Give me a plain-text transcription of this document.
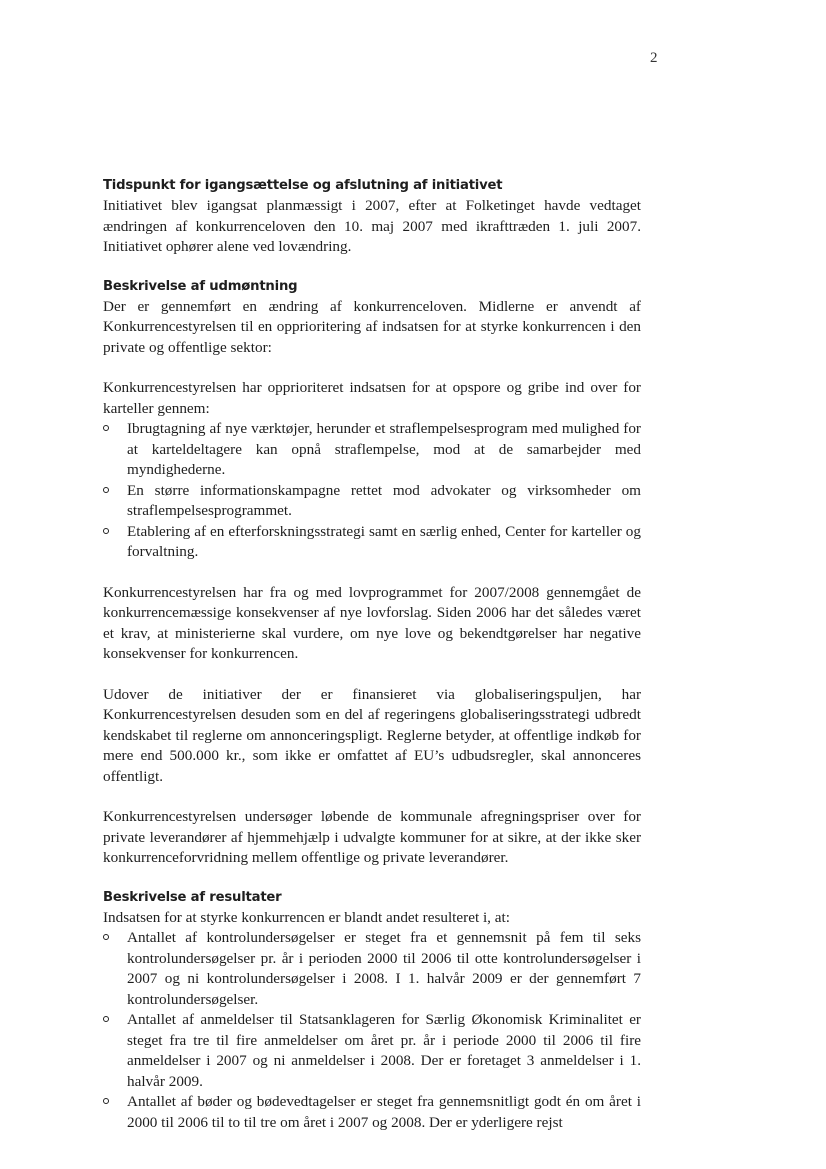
2
Tidspunkt for igangsættelse og afslutning af initiativet

Initiativet blev igangsat planmæssigt i 2007, efter at Folketinget havde vedtaget ændringen af konkurrenceloven den 10. maj 2007 med ikrafttræden 1. juli 2007. Initiativet ophører alene ved lovændring.

Beskrivelse af udmøntning

Der er gennemført en ændring af konkurrenceloven. Midlerne er anvendt af Konkurrencestyrelsen til en opprioritering af indsatsen for at styrke konkurrencen i den private og offentlige sektor:

Konkurrencestyrelsen har opprioriteret indsatsen for at opspore og gribe ind over for karteller gennem:

Ibrugtagning af nye værktøjer, herunder et straflempelsesprogram med mulighed for at karteldeltagere kan opnå straflempelse, mod at de samarbejder med myndighederne.
En større informationskampagne rettet mod advokater og virksomheder om straflempelsesprogrammet.
Etablering af en efterforskningsstrategi samt en særlig enhed, Center for karteller og forvaltning.

Konkurrencestyrelsen har fra og med lovprogrammet for 2007/2008 gennemgået de konkurrencemæssige konsekvenser af nye lovforslag. Siden 2006 har det således været et krav, at ministerierne skal vurdere, om nye love og bekendtgørelser har negative konsekvenser for konkurrencen.

Udover de initiativer der er finansieret via globaliseringspuljen, har Konkurrencestyrelsen desuden som en del af regeringens globaliseringsstrategi udbredt kendskabet til reglerne om annonceringspligt. Reglerne betyder, at offentlige indkøb for mere end 500.000 kr., som ikke er omfattet af EU’s udbudsregler, skal annonceres offentligt.

Konkurrencestyrelsen undersøger løbende de kommunale afregningspriser over for private leverandører af hjemmehjælp i udvalgte kommuner for at sikre, at der ikke sker konkurrenceforvridning mellem offentlige og private leverandører.

Beskrivelse af resultater

Indsatsen for at styrke konkurrencen er blandt andet resulteret i, at:

Antallet af kontrolundersøgelser er steget fra et gennemsnit på fem til seks kontrolundersøgelser pr. år i perioden 2000 til 2006 til otte kontrolundersøgelser i 2007 og ni kontrolundersøgelser i 2008. I 1. halvår 2009 er der gennemført 7 kontrolundersøgelser.
Antallet af anmeldelser til Statsanklageren for Særlig Økonomisk Kriminalitet er steget fra tre til fire anmeldelser om året pr. år i periode 2000 til 2006 til fire anmeldelser i 2007 og ni anmeldelser i 2008. Der er foretaget 3 anmeldelser i 1. halvår 2009.
Antallet af bøder og bødevedtagelser er steget fra gennemsnitligt godt én om året i 2000 til 2006 til to til tre om året i 2007 og 2008. Der er yderligere rejst
